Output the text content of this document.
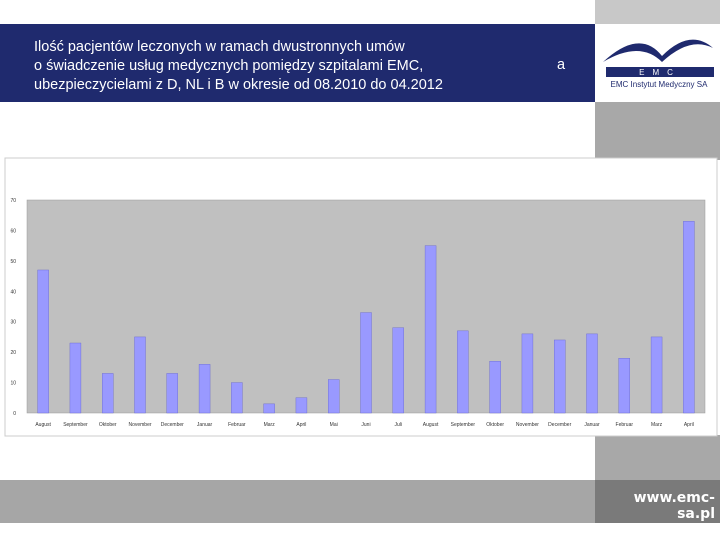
Ilość pacjentów leczonych w ramach dwustronnych umów
o świadczenie usług medycznych pomiędzy szpitalami EMC,
ubezpieczycielami z D, NL i B w okresie od 08.2010 do 04.2012
a
www.emc-sa.pl
EMC
EMC Instytut Medyczny SA
0
10
20
30
40
50
60
70
August September Oktober November December	Januar	Februar	Marz	April	Mai	Juni	Juli	August September Oktober November December	Januar	Februar	Marz	April
